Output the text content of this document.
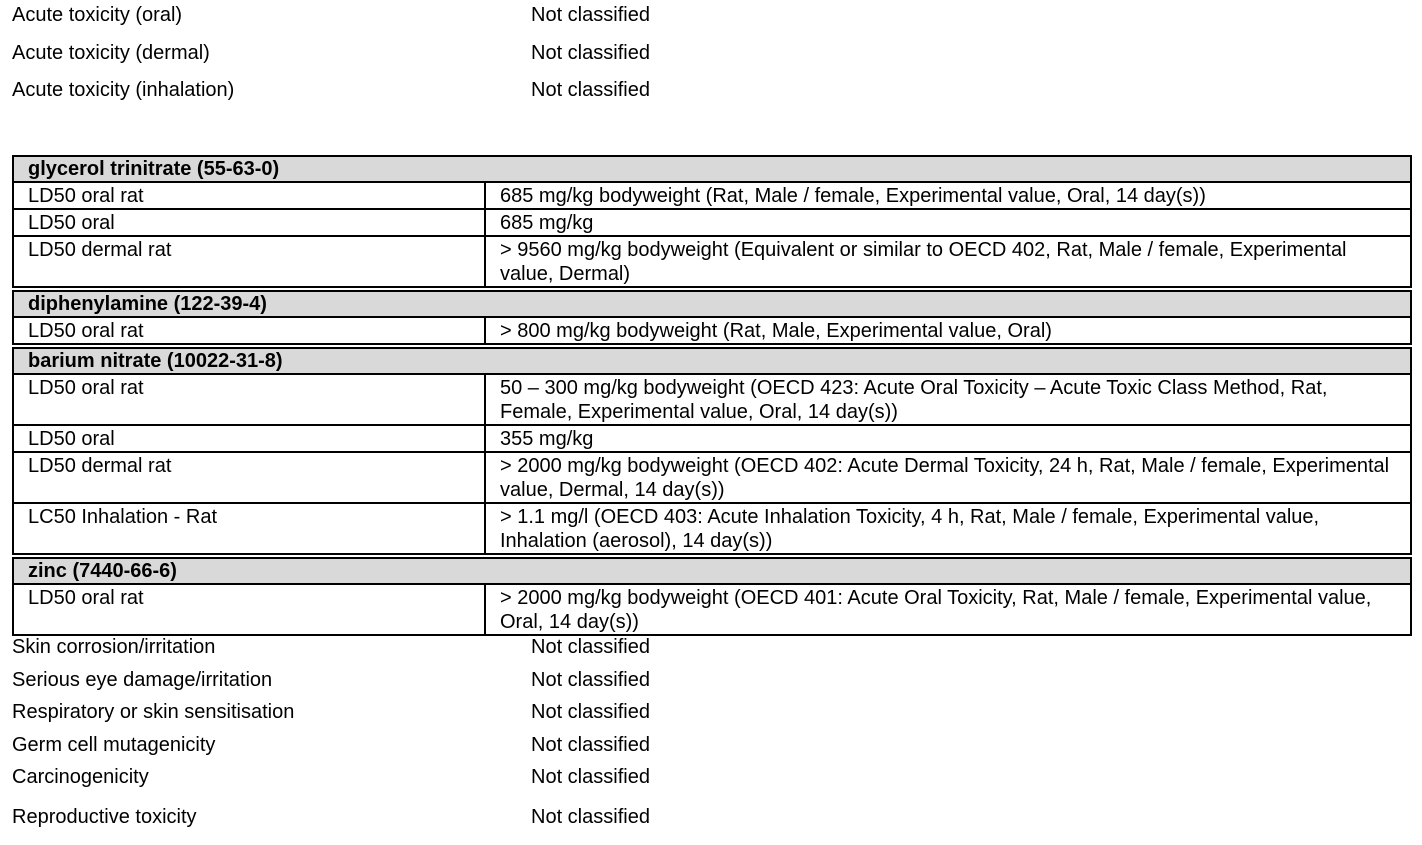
Acute toxicity (oral)	Not classified
Acute toxicity (dermal)	Not classified
Acute toxicity (inhalation)	Not classified
glycerol trinitrate (55-63-0)	
LD50 oral rat	685 mg/kg bodyweight (Rat, Male / female, Experimental value, Oral, 14 day(s))
LD50 oral	685 mg/kg
LD50 dermal rat	> 9560 mg/kg bodyweight (Equivalent or similar to OECD 402, Rat, Male / female, Experimental value, Dermal)

diphenylamine (122-39-4)	
LD50 oral rat	> 800 mg/kg bodyweight (Rat, Male, Experimental value, Oral)

barium nitrate (10022-31-8)	
LD50 oral rat	50 – 300 mg/kg bodyweight (OECD 423: Acute Oral Toxicity – Acute Toxic Class Method, Rat, Female, Experimental value, Oral, 14 day(s))
LD50 oral	355 mg/kg
LD50 dermal rat	> 2000 mg/kg bodyweight (OECD 402: Acute Dermal Toxicity, 24 h, Rat, Male / female, Experimental value, Dermal, 14 day(s))
LC50 Inhalation - Rat	> 1.1 mg/l (OECD 403: Acute Inhalation Toxicity, 4 h, Rat, Male / female, Experimental value, Inhalation (aerosol), 14 day(s))

zinc (7440-66-6)	
LD50 oral rat	> 2000 mg/kg bodyweight (OECD 401: Acute Oral Toxicity, Rat, Male / female, Experimental value, Oral, 14 day(s))
Skin corrosion/irritation	Not classified
Serious eye damage/irritation	Not classified
Respiratory or skin sensitisation	Not classified
Germ cell mutagenicity	Not classified
Carcinogenicity	Not classified
Reproductive toxicity	Not classified
